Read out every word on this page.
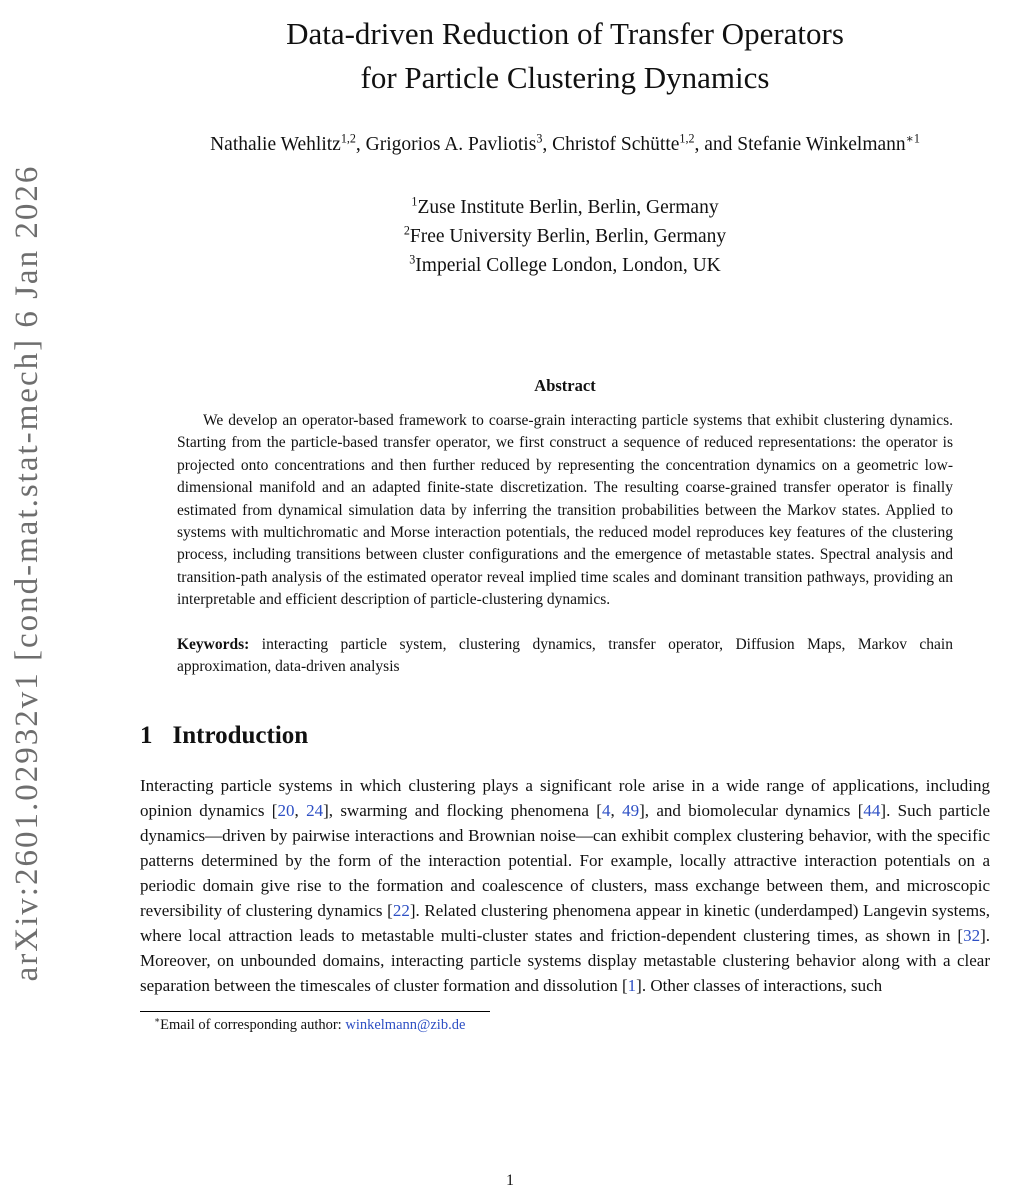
arXiv:2601.02932v1 [cond-mat.stat-mech] 6 Jan 2026
Data-driven Reduction of Transfer Operators
for Particle Clustering Dynamics

Nathalie Wehlitz$^{1,2}$, Grigorios A. Pavliotis$^3$, Christof Schütte$^{1,2}$, and Stefanie Winkelmann$^{∗1}$

$^1$Zuse Institute Berlin, Berlin, Germany

$^2$Free University Berlin, Berlin, Germany

$^3$Imperial College London, London, UK

Abstract

We develop an operator-based framework to coarse-grain interacting particle systems that exhibit clustering dynamics. Starting from the particle-based transfer operator, we first construct a sequence of reduced representations: the operator is projected onto concentrations and then further reduced by representing the concentration dynamics on a geometric low-dimensional manifold and an adapted finite-state discretization. The resulting coarse-grained transfer operator is finally estimated from dynamical simulation data by inferring the transition probabilities between the Markov states. Applied to systems with multichromatic and Morse interaction potentials, the reduced model reproduces key features of the clustering process, including transitions between cluster configurations and the emergence of metastable states. Spectral analysis and transition-path analysis of the estimated operator reveal implied time scales and dominant transition pathways, providing an interpretable and efficient description of particle-clustering dynamics.

Keywords: interacting particle system, clustering dynamics, transfer operator, Diffusion Maps, Markov chain approximation, data-driven analysis

1 Introduction

Interacting particle systems in which clustering plays a significant role arise in a wide range of applications, including opinion dynamics [20, 24], swarming and flocking phenomena [4, 49], and biomolecular dynamics [44]. Such particle dynamics—driven by pairwise interactions and Brownian noise—can exhibit complex clustering behavior, with the specific patterns determined by the form of the interaction potential. For example, locally attractive interaction potentials on a periodic domain give rise to the formation and coalescence of clusters, mass exchange between them, and microscopic reversibility of clustering dynamics [22]. Related clustering phenomena appear in kinetic (underdamped) Langevin systems, where local attraction leads to metastable multi-cluster states and friction-dependent clustering times, as shown in [32]. Moreover, on unbounded domains, interacting particle systems display metastable clustering behavior along with a clear separation between the timescales of cluster formation and dissolution [1]. Other classes of interactions, such

∗Email of corresponding author: winkelmann@zib.de

1
